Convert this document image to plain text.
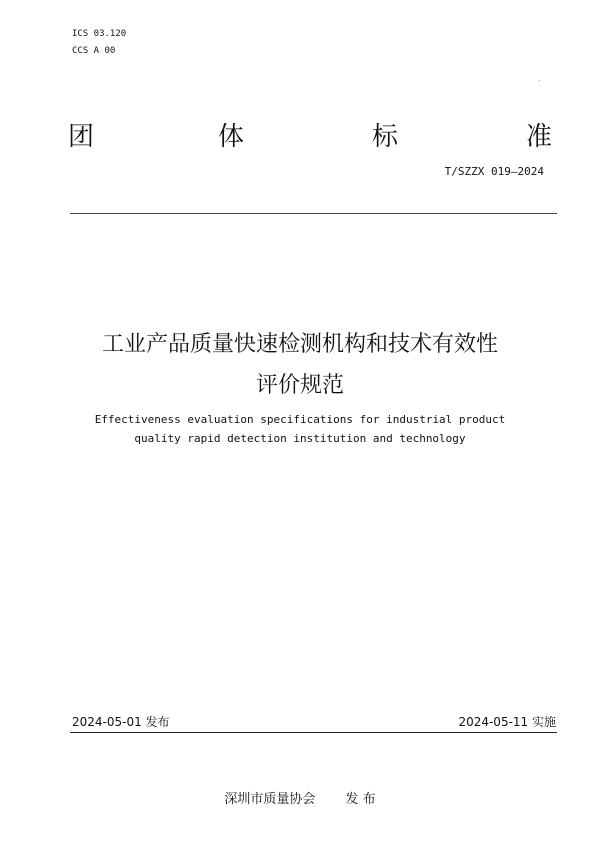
ICS 03.120
CCS A 00
团	体	标	准
T/SZZX 019—2024
工业产品质量快速检测机构和技术有效性
评价规范
Effectiveness evaluation specifications for industrial product
quality rapid detection institution and technology
2024-05-01 发布	2024-05-11 实施
深圳市质量协会 发 布
